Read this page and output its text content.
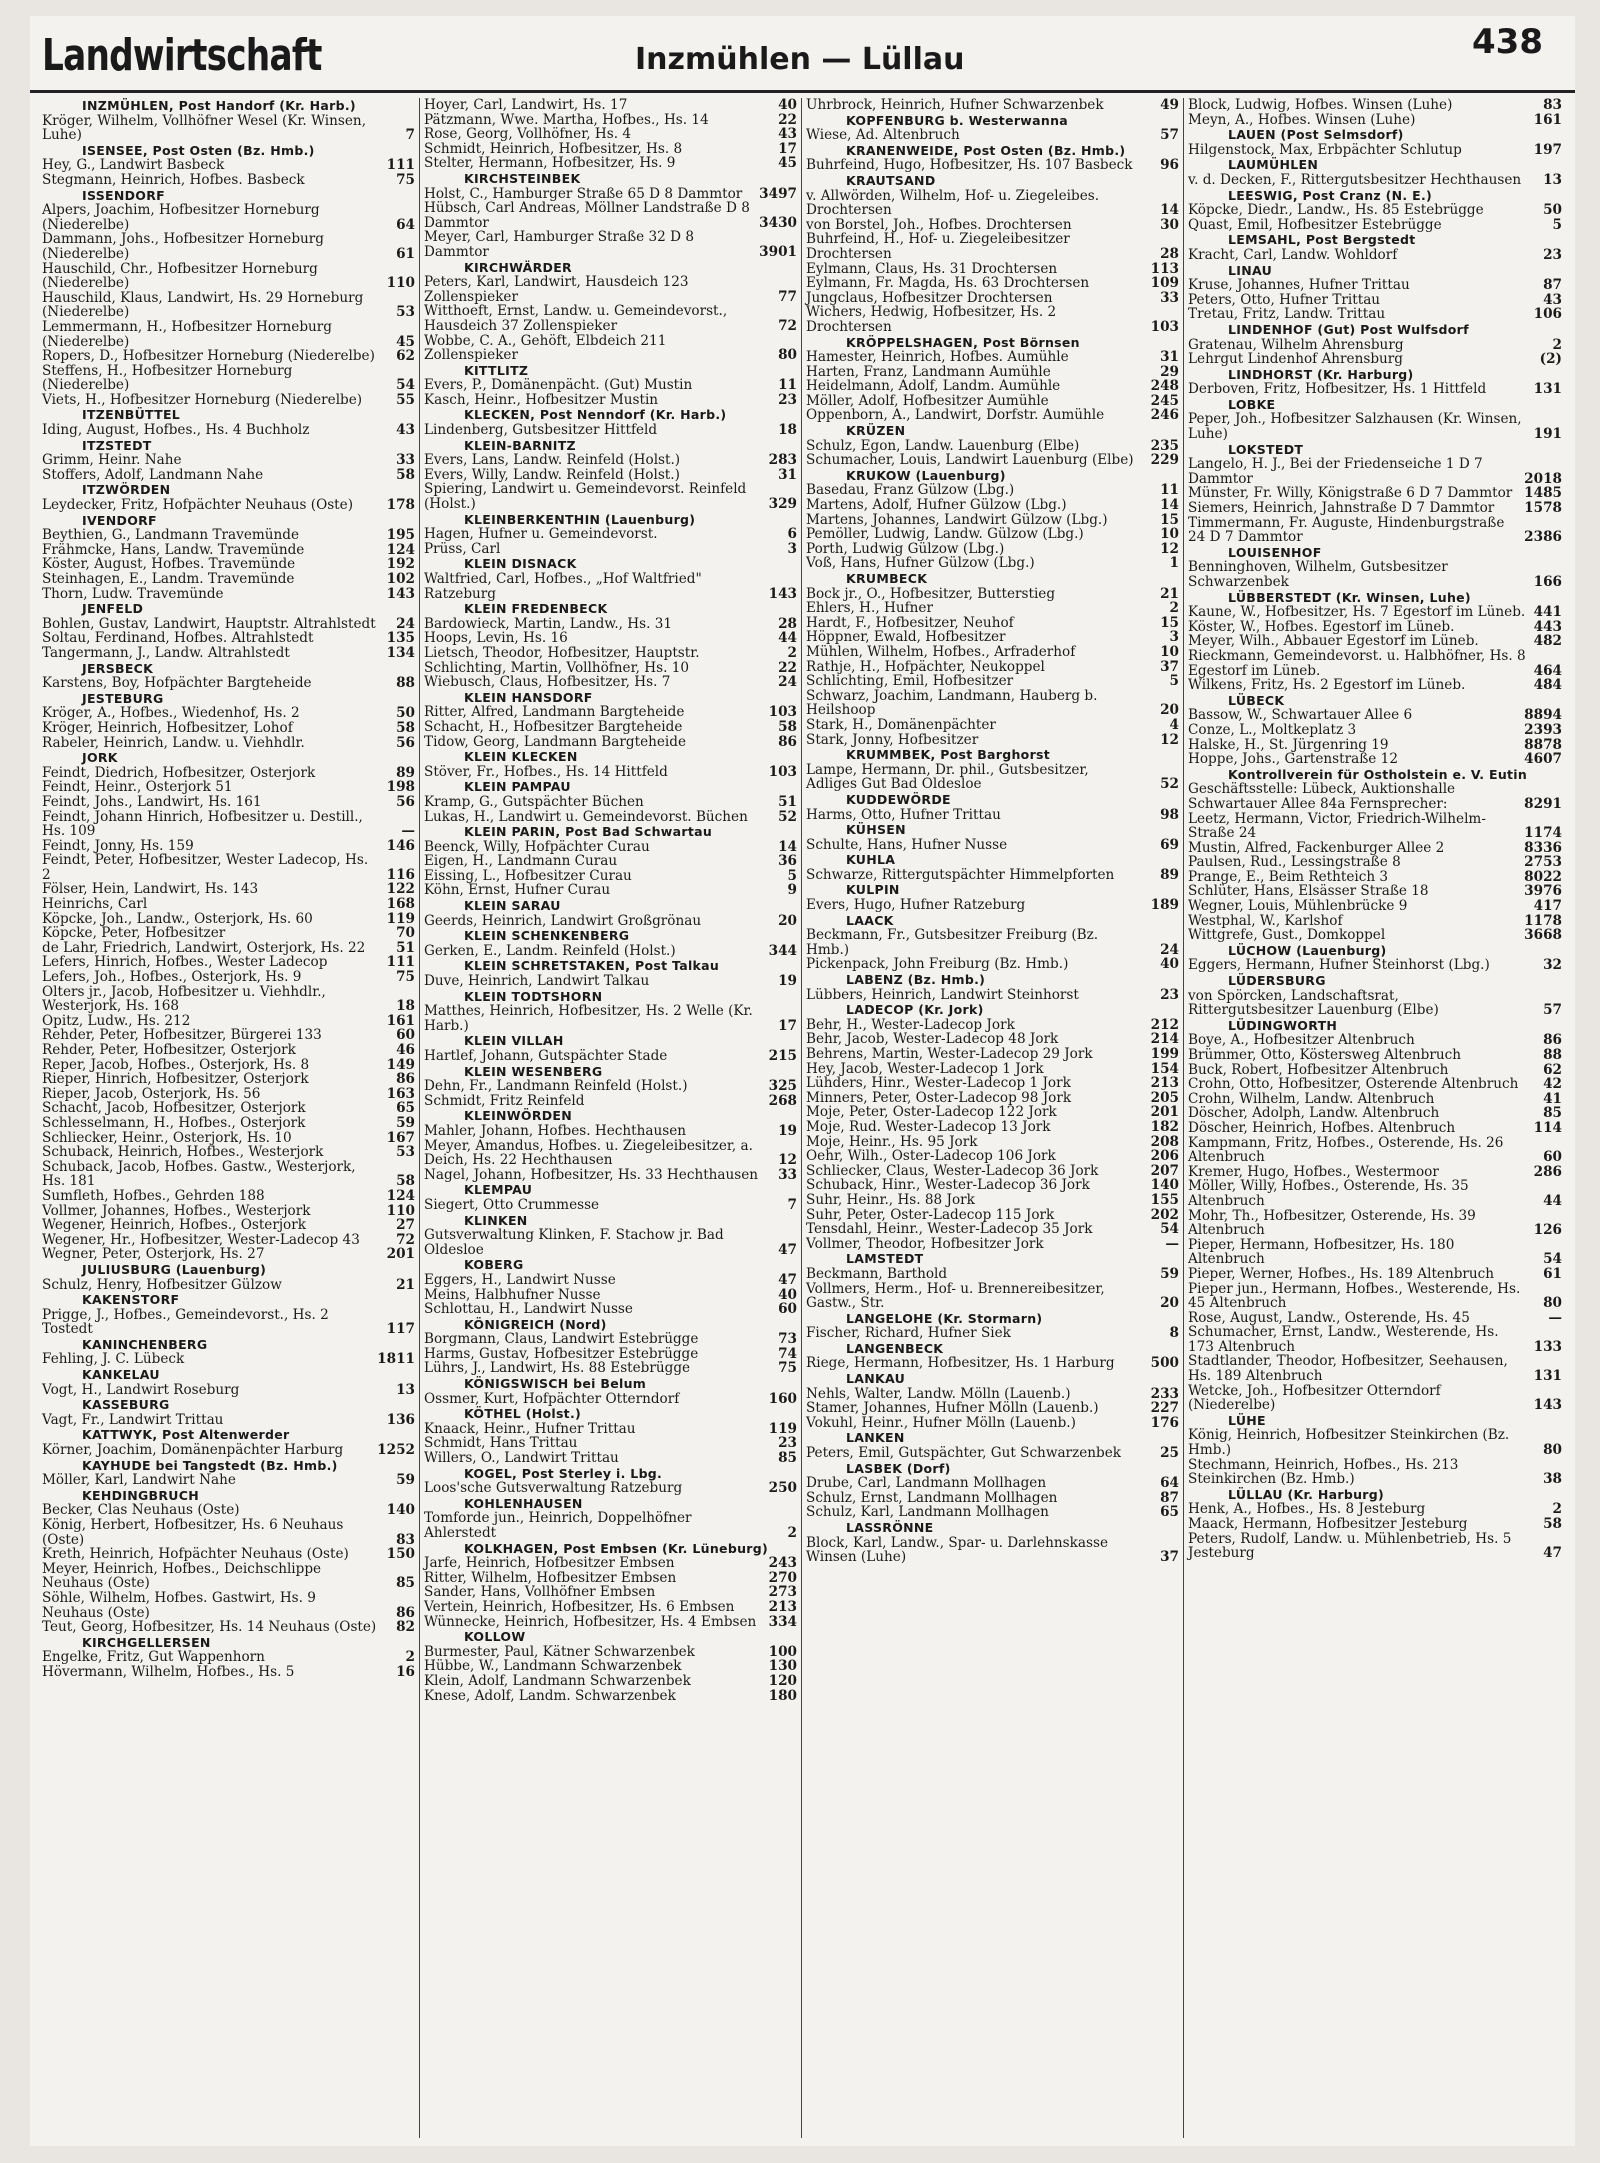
Landwirtschaft	Inzmühlen — Lüllau	438
INZMÜHLEN, Post Handorf (Kr. Harb.)
Kröger, Wilhelm, Vollhöfner Wesel (Kr. Winsen, Luhe)	7
ISENSEE, Post Osten (Bz. Hmb.)
Hey, G., Landwirt Basbeck	111
Stegmann, Heinrich, Hofbes. Basbeck	75
ISSENDORF
Alpers, Joachim, Hofbesitzer Horneburg (Niederelbe)	64
Dammann, Johs., Hofbesitzer Horneburg (Niederelbe)	61
Hauschild, Chr., Hofbesitzer Horneburg (Niederelbe)	110
Hauschild, Klaus, Landwirt, Hs. 29 Horneburg (Niederelbe)	53
Lemmermann, H., Hofbesitzer Horneburg (Niederelbe)	45
Ropers, D., Hofbesitzer Horneburg (Niederelbe) 62
Steffens, H., Hofbesitzer Horneburg (Niederelbe)	54
Viets, H., Hofbesitzer Horneburg (Niederelbe) 55
ITZENBÜTTEL
Iding, August, Hofbes., Hs. 4 Buchholz	43
ITZSTEDT
Grimm, Heinr. Nahe	33
Stoffers, Adolf, Landmann Nahe	58
ITZWÖRDEN
Leydecker, Fritz, Hofpächter Neuhaus (Oste) 178
IVENDORF
Beythien, G., Landmann Travemünde	195
Frähmcke, Hans, Landw. Travemünde	124
Köster, August, Hofbes. Travemünde	192
Steinhagen, E., Landm. Travemünde	102
Thorn, Ludw. Travemünde	143
JENFELD
Bohlen, Gustav, Landwirt, Hauptstr. Altrahlstedt 24
Soltau, Ferdinand, Hofbes. Altrahlstedt	135
Tangermann, J., Landw. Altrahlstedt	134
JERSBECK
Karstens, Boy, Hofpächter Bargteheide	88
JESTEBURG
Kröger, A., Hofbes., Wiedenhof, Hs. 2	50
Kröger, Heinrich, Hofbesitzer, Lohof	58
Rabeler, Heinrich, Landw. u. Viehhdlr.	56
JORK
Feindt, Diedrich, Hofbesitzer, Osterjork	89
Feindt, Heinr., Osterjork 51	198
Feindt, Johs., Landwirt, Hs. 161	56
Feindt, Johann Hinrich, Hofbesitzer u. Destill., Hs. 109	—
Feindt, Jonny, Hs. 159	146
Feindt, Peter, Hofbesitzer, Wester Ladecop, Hs. 2	116
Fölser, Hein, Landwirt, Hs. 143	122
Heinrichs, Carl	168
Köpcke, Joh., Landw., Osterjork, Hs. 60	119
Köpcke, Peter, Hofbesitzer	70
de Lahr, Friedrich, Landwirt, Osterjork, Hs. 22 51
Lefers, Hinrich, Hofbes., Wester Ladecop	111
Lefers, Joh., Hofbes., Osterjork, Hs. 9	75
Olters jr., Jacob, Hofbesitzer u. Viehhdlr., Westerjork, Hs. 168	18
Opitz, Ludw., Hs. 212	161
Rehder, Peter, Hofbesitzer, Bürgerei 133	60
Rehder, Peter, Hofbesitzer, Osterjork	46
Reper, Jacob, Hofbes., Osterjork, Hs. 8	149
Rieper, Hinrich, Hofbesitzer, Osterjork	86
Rieper, Jacob, Osterjork, Hs. 56	163
Schacht, Jacob, Hofbesitzer, Osterjork	65
Schlesselmann, H., Hofbes., Osterjork	59
Schliecker, Heinr., Osterjork, Hs. 10	167
Schuback, Heinrich, Hofbes., Westerjork	53
Schuback, Jacob, Hofbes. Gastw., Westerjork, Hs. 181	58
Sumfleth, Hofbes., Gehrden 188	124
Vollmer, Johannes, Hofbes., Westerjork	110
Wegener, Heinrich, Hofbes., Osterjork	27
Wegener, Hr., Hofbesitzer, Wester-Ladecop 43	72
Wegner, Peter, Osterjork, Hs. 27	201
JULIUSBURG (Lauenburg)
Schulz, Henry, Hofbesitzer Gülzow	21
KAKENSTORF
Prigge, J., Hofbes., Gemeindevorst., Hs. 2 Tostedt	117
KANINCHENBERG
Fehling, J. C. Lübeck	1811
KANKELAU
Vogt, H., Landwirt Roseburg	13
KASSEBURG
Vagt, Fr., Landwirt Trittau	136
KATTWYK, Post Altenwerder
Körner, Joachim, Domänenpächter Harburg	1252
KAYHUDE bei Tangstedt (Bz. Hmb.)
Möller, Karl, Landwirt Nahe	59
KEHDINGBRUCH
Becker, Clas Neuhaus (Oste)	140
König, Herbert, Hofbesitzer, Hs. 6 Neuhaus (Oste)	83
Kreth, Heinrich, Hofpächter Neuhaus (Oste)	150
Meyer, Heinrich, Hofbes., Deichschlippe Neuhaus (Oste)	85
Söhle, Wilhelm, Hofbes. Gastwirt, Hs. 9 Neuhaus (Oste)	86
Teut, Georg, Hofbesitzer, Hs. 14 Neuhaus (Oste) 82
KIRCHGELLERSEN
Engelke, Fritz, Gut Wappenhorn	2
Hövermann, Wilhelm, Hofbes., Hs. 5	16
Hoyer, Carl, Landwirt, Hs. 17	40
Pätzmann, Wwe. Martha, Hofbes., Hs. 14	22
Rose, Georg, Vollhöfner, Hs. 4	43
Schmidt, Heinrich, Hofbesitzer, Hs. 8	17
Stelter, Hermann, Hofbesitzer, Hs. 9	45
KIRCHSTEINBEK
Holst, C., Hamburger Straße 65 D 8 Dammtor 3497
Hübsch, Carl Andreas, Möllner Landstraße D 8 Dammtor	3430
Meyer, Carl, Hamburger Straße 32 D 8 Dammtor	3901
KIRCHWÄRDER
Peters, Karl, Landwirt, Hausdeich 123 Zollenspieker	77
Witthoeft, Ernst, Landw. u. Gemeindevorst., Hausdeich 37 Zollenspieker	72
Wobbe, C. A., Gehöft, Elbdeich 211 Zollenspieker	80
KITTLITZ
Evers, P., Domänenpächt. (Gut) Mustin	11
Kasch, Heinr., Hofbesitzer Mustin	23
KLECKEN, Post Nenndorf (Kr. Harb.)
Lindenberg, Gutsbesitzer Hittfeld	18
KLEIN-BARNITZ
Evers, Lans, Landw. Reinfeld (Holst.)	283
Evers, Willy, Landw. Reinfeld (Holst.)	31
Spiering, Landwirt u. Gemeindevorst. Reinfeld (Holst.)	329
KLEINBERKENTHIN (Lauenburg)
Hagen, Hufner u. Gemeindevorst.	6
Prüss, Carl	3
KLEIN DISNACK
Waltfried, Carl, Hofbes., „Hof Waltfried" Ratzeburg	143
KLEIN FREDENBECK
Bardowieck, Martin, Landw., Hs. 31	28
Hoops, Levin, Hs. 16	44
Lietsch, Theodor, Hofbesitzer, Hauptstr.	2
Schlichting, Martin, Vollhöfner, Hs. 10	22
Wiebusch, Claus, Hofbesitzer, Hs. 7	24
KLEIN HANSDORF
Ritter, Alfred, Landmann Bargteheide	103
Schacht, H., Hofbesitzer Bargteheide	58
Tidow, Georg, Landmann Bargteheide	86
KLEIN KLECKEN
Stöver, Fr., Hofbes., Hs. 14 Hittfeld	103
KLEIN PAMPAU
Kramp, G., Gutspächter Büchen	51
Lukas, H., Landwirt u. Gemeindevorst. Büchen 52
KLEIN PARIN, Post Bad Schwartau
Beenck, Willy, Hofpächter Curau	14
Eigen, H., Landmann Curau	36
Eissing, L., Hofbesitzer Curau	5
Köhn, Ernst, Hufner Curau	9
KLEIN SARAU
Geerds, Heinrich, Landwirt Großgrönau	20
KLEIN SCHENKENBERG
Gerken, E., Landm. Reinfeld (Holst.)	344
KLEIN SCHRETSTAKEN, Post Talkau
Duve, Heinrich, Landwirt Talkau	19
KLEIN TODTSHORN
Matthes, Heinrich, Hofbesitzer, Hs. 2 Welle (Kr. Harb.)	17
KLEIN VILLAH
Hartlef, Johann, Gutspächter Stade	215
KLEIN WESENBERG
Dehn, Fr., Landmann Reinfeld (Holst.)	325
Schmidt, Fritz Reinfeld	268
KLEINWÖRDEN
Mahler, Johann, Hofbes. Hechthausen	19
Meyer, Amandus, Hofbes. u. Ziegeleibesitzer, a. Deich, Hs. 22 Hechthausen	12
Nagel, Johann, Hofbesitzer, Hs. 33 Hechthausen 33
KLEMPAU
Siegert, Otto Crummesse	7
KLINKEN
Gutsverwaltung Klinken, F. Stachow jr. Bad Oldesloe	47
KOBERG
Eggers, H., Landwirt Nusse	47
Meins, Halbhufner Nusse	40
Schlottau, H., Landwirt Nusse	60
KÖNIGREICH (Nord)
Borgmann, Claus, Landwirt Estebrügge	73
Harms, Gustav, Hofbesitzer Estebrügge	74
Lührs, J., Landwirt, Hs. 88 Estebrügge	75
KÖNIGSWISCH bei Belum
Ossmer, Kurt, Hofpächter Otterndorf	160
KÖTHEL (Holst.)
Knaack, Heinr., Hufner Trittau	119
Schmidt, Hans Trittau	23
Willers, O., Landwirt Trittau	85
KOGEL, Post Sterley i. Lbg.
Loos'sche Gutsverwaltung Ratzeburg	250
KOHLENHAUSEN
Tomforde jun., Heinrich, Doppelhöfner Ahlerstedt	2
KOLKHAGEN, Post Embsen (Kr. Lüneburg)
Jarfe, Heinrich, Hofbesitzer Embsen	243
Ritter, Wilhelm, Hofbesitzer Embsen	270
Sander, Hans, Vollhöfner Embsen	273
Vertein, Heinrich, Hofbesitzer, Hs. 6 Embsen	213
Wünnecke, Heinrich, Hofbesitzer, Hs. 4 Embsen 334
KOLLOW
Burmester, Paul, Kätner Schwarzenbek	100
Hübbe, W., Landmann Schwarzenbek	130
Klein, Adolf, Landmann Schwarzenbek	120
Knese, Adolf, Landm. Schwarzenbek	180
Uhrbrock, Heinrich, Hufner Schwarzenbek	49
KOPFENBURG b. Westerwanna
Wiese, Ad. Altenbruch	57
KRANENWEIDE, Post Osten (Bz. Hmb.)
Buhrfeind, Hugo, Hofbesitzer, Hs. 107 Basbeck 96
KRAUTSAND
v. Allwörden, Wilhelm, Hof- u. Ziegeleibes. Drochtersen	14
von Borstel, Joh., Hofbes. Drochtersen	30
Buhrfeind, H., Hof- u. Ziegeleibesitzer Drochtersen	28
Eylmann, Claus, Hs. 31 Drochtersen	113
Eylmann, Fr. Magda, Hs. 63 Drochtersen	109
Jungclaus, Hofbesitzer Drochtersen	33
Wichers, Hedwig, Hofbesitzer, Hs. 2 Drochtersen	103
KRÖPPELSHAGEN, Post Börnsen
Hamester, Heinrich, Hofbes. Aumühle	31
Harten, Franz, Landmann Aumühle	29
Heidelmann, Adolf, Landm. Aumühle	248
Möller, Adolf, Hofbesitzer Aumühle	245
Oppenborn, A., Landwirt, Dorfstr. Aumühle	246
KRÜZEN
Schulz, Egon, Landw. Lauenburg (Elbe)	235
Schumacher, Louis, Landwirt Lauenburg (Elbe) 229
KRUKOW (Lauenburg)
Basedau, Franz Gülzow (Lbg.)	11
Martens, Adolf, Hufner Gülzow (Lbg.)	14
Martens, Johannes, Landwirt Gülzow (Lbg.)	15
Pemöller, Ludwig, Landw. Gülzow (Lbg.)	10
Porth, Ludwig Gülzow (Lbg.)	12
Voß, Hans, Hufner Gülzow (Lbg.)	1
KRUMBECK
Bock jr., O., Hofbesitzer, Butterstieg	21
Ehlers, H., Hufner	2
Hardt, F., Hofbesitzer, Neuhof	15
Höppner, Ewald, Hofbesitzer	3
Mühlen, Wilhelm, Hofbes., Arfraderhof	10
Rathje, H., Hofpächter, Neukoppel	37
Schlichting, Emil, Hofbesitzer	5
Schwarz, Joachim, Landmann, Hauberg b. Heilshoop	20
Stark, H., Domänenpächter	4
Stark, Jonny, Hofbesitzer	12
KRUMMBEK, Post Barghorst
Lampe, Hermann, Dr. phil., Gutsbesitzer, Adliges Gut Bad Oldesloe	52
KUDDEWÖRDE
Harms, Otto, Hufner Trittau	98
KÜHSEN
Schulte, Hans, Hufner Nusse	69
KUHLA
Schwarze, Rittergutspächter Himmelpforten	89
KULPIN
Evers, Hugo, Hufner Ratzeburg	189
LAACK
Beckmann, Fr., Gutsbesitzer Freiburg (Bz. Hmb.)	24
Pickenpack, John Freiburg (Bz. Hmb.)	40
LABENZ (Bz. Hmb.)
Lübbers, Heinrich, Landwirt Steinhorst	23
LADECOP (Kr. Jork)
Behr, H., Wester-Ladecop Jork	212
Behr, Jacob, Wester-Ladecop 48 Jork	214
Behrens, Martin, Wester-Ladecop 29 Jork	199
Hey, Jacob, Wester-Ladecop 1 Jork	154
Lühders, Hinr., Wester-Ladecop 1 Jork	213
Minners, Peter, Oster-Ladecop 98 Jork	205
Moje, Peter, Oster-Ladecop 122 Jork	201
Moje, Rud. Wester-Ladecop 13 Jork	182
Moje, Heinr., Hs. 95 Jork	208
Oehr, Wilh., Oster-Ladecop 106 Jork	206
Schliecker, Claus, Wester-Ladecop 36 Jork	207
Schuback, Hinr., Wester-Ladecop 36 Jork	140
Suhr, Heinr., Hs. 88 Jork	155
Suhr, Peter, Oster-Ladecop 115 Jork	202
Tensdahl, Heinr., Wester-Ladecop 35 Jork	54
Vollmer, Theodor, Hofbesitzer Jork	—
LAMSTEDT
Beckmann, Barthold	59
Vollmers, Herm., Hof- u. Brennereibesitzer, Gastw., Str.	20
LANGELOHE (Kr. Stormarn)
Fischer, Richard, Hufner Siek	8
LANGENBECK
Riege, Hermann, Hofbesitzer, Hs. 1 Harburg	500
LANKAU
Nehls, Walter, Landw. Mölln (Lauenb.)	233
Stamer, Johannes, Hufner Mölln (Lauenb.)	227
Vokuhl, Heinr., Hufner Mölln (Lauenb.)	176
LANKEN
Peters, Emil, Gutspächter, Gut Schwarzenbek	25
LASBEK (Dorf)
Drube, Carl, Landmann Mollhagen	64
Schulz, Ernst, Landmann Mollhagen	87
Schulz, Karl, Landmann Mollhagen	65
LASSRÖNNE
Block, Karl, Landw., Spar- u. Darlehnskasse Winsen (Luhe)	37
Block, Ludwig, Hofbes. Winsen (Luhe)	83
Meyn, A., Hofbes. Winsen (Luhe)	161
LAUEN (Post Selmsdorf)
Hilgenstock, Max, Erbpächter Schlutup	197
LAUMÜHLEN
v. d. Decken, F., Rittergutsbesitzer Hechthausen 13
LEESWIG, Post Cranz (N. E.)
Köpcke, Diedr., Landw., Hs. 85 Estebrügge	50
Quast, Emil, Hofbesitzer Estebrügge	5
LEMSAHL, Post Bergstedt
Kracht, Carl, Landw. Wohldorf	23
LINAU
Kruse, Johannes, Hufner Trittau	87
Peters, Otto, Hufner Trittau	43
Tretau, Fritz, Landw. Trittau	106
LINDENHOF (Gut) Post Wulfsdorf
Gratenau, Wilhelm Ahrensburg	2
Lehrgut Lindenhof Ahrensburg	(2)
LINDHORST (Kr. Harburg)
Derboven, Fritz, Hofbesitzer, Hs. 1 Hittfeld	131
LOBKE
Peper, Joh., Hofbesitzer Salzhausen (Kr. Winsen, Luhe)	191
LOKSTEDT
Langelo, H. J., Bei der Friedenseiche 1 D 7 Dammtor	2018
Münster, Fr. Willy, Königstraße 6 D 7 Dammtor 1485
Siemers, Heinrich, Jahnstraße D 7 Dammtor 1578
Timmermann, Fr. Auguste, Hindenburgstraße 24 D 7 Dammtor	2386
LOUISENHOF
Benninghoven, Wilhelm, Gutsbesitzer Schwarzenbek	166
LÜBBERSTEDT (Kr. Winsen, Luhe)
Kaune, W., Hofbesitzer, Hs. 7 Egestorf im Lüneb. 441
Köster, W., Hofbes. Egestorf im Lüneb.	443
Meyer, Wilh., Abbauer Egestorf im Lüneb.	482
Rieckmann, Gemeindevorst. u. Halbhöfner, Hs. 8 Egestorf im Lüneb.	464
Wilkens, Fritz, Hs. 2 Egestorf im Lüneb.	484
LÜBECK
Bassow, W., Schwartauer Allee 6	8894
Conze, L., Moltkeplatz 3	2393
Halske, H., St. Jürgenring 19	8878
Hoppe, Johs., Gartenstraße 12	4607
Kontrollverein für Ostholstein e. V. Eutin
Geschäftsstelle: Lübeck, Auktionshalle Schwartauer Allee 84a Fernsprecher:	8291
Leetz, Hermann, Victor, Friedrich-Wilhelm-Straße 24	1174
Mustin, Alfred, Fackenburger Allee 2	8336
Paulsen, Rud., Lessingstraße 8	2753
Prange, E., Beim Rethteich 3	8022
Schlüter, Hans, Elsässer Straße 18	3976
Wegner, Louis, Mühlenbrücke 9	417
Westphal, W., Karlshof	1178
Wittgrefe, Gust., Domkoppel	3668
LÜCHOW (Lauenburg)
Eggers, Hermann, Hufner Steinhorst (Lbg.)	32
LÜDERSBURG
von Spörcken, Landschaftsrat, Rittergutsbesitzer Lauenburg (Elbe)	57
LÜDINGWORTH
Boye, A., Hofbesitzer Altenbruch	86
Brümmer, Otto, Köstersweg Altenbruch	88
Buck, Robert, Hofbesitzer Altenbruch	62
Crohn, Otto, Hofbesitzer, Osterende Altenbruch 42
Crohn, Wilhelm, Landw. Altenbruch	41
Döscher, Adolph, Landw. Altenbruch	85
Döscher, Heinrich, Hofbes. Altenbruch	114
Kampmann, Fritz, Hofbes., Osterende, Hs. 26 Altenbruch	60
Kremer, Hugo, Hofbes., Westermoor	286
Möller, Willy, Hofbes., Osterende, Hs. 35 Altenbruch	44
Mohr, Th., Hofbesitzer, Osterende, Hs. 39 Altenbruch	126
Pieper, Hermann, Hofbesitzer, Hs. 180 Altenbruch	54
Pieper, Werner, Hofbes., Hs. 189 Altenbruch	61
Pieper jun., Hermann, Hofbes., Westerende, Hs. 45 Altenbruch	80
Rose, August, Landw., Osterende, Hs. 45	—
Schumacher, Ernst, Landw., Westerende, Hs. 173 Altenbruch	133
Stadtlander, Theodor, Hofbesitzer, Seehausen, Hs. 189 Altenbruch	131
Wetcke, Joh., Hofbesitzer Otterndorf (Niederelbe)	143
LÜHE
König, Heinrich, Hofbesitzer Steinkirchen (Bz. Hmb.)	80
Stechmann, Heinrich, Hofbes., Hs. 213 Steinkirchen (Bz. Hmb.)	38
LÜLLAU (Kr. Harburg)
Henk, A., Hofbes., Hs. 8 Jesteburg	2
Maack, Hermann, Hofbesitzer Jesteburg	58
Peters, Rudolf, Landw. u. Mühlenbetrieb, Hs. 5 Jesteburg	47
